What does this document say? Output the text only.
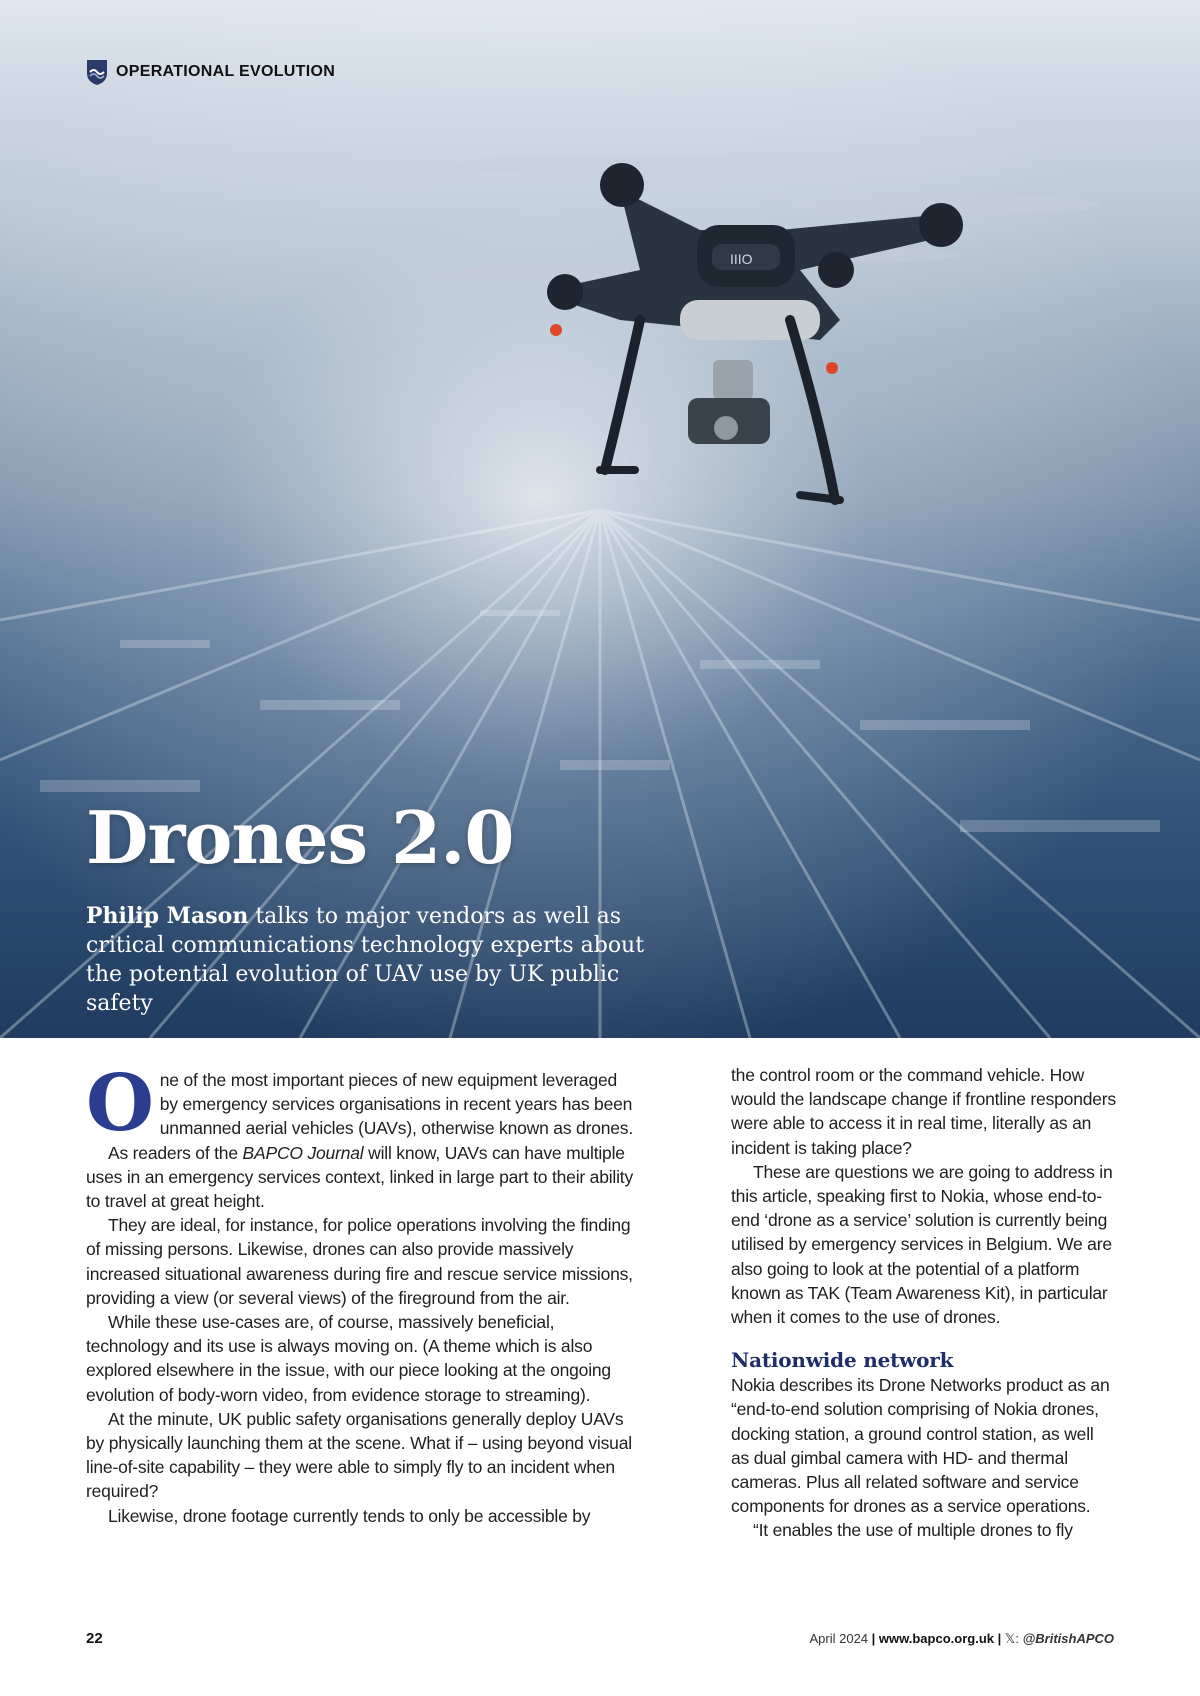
IIIO
OPERATIONAL EVOLUTION
Drones 2.0

Philip Mason talks to major vendors as well as critical communications technology experts about the potential evolution of UAV use by UK public safety

One of the most important pieces of new equipment leveraged by emergency services organisations in recent years has been unmanned aerial vehicles (UAVs), otherwise known as drones.

As readers of the BAPCO Journal will know, UAVs can have multiple uses in an emergency services context, linked in large part to their ability to travel at great height.

They are ideal, for instance, for police operations involving the finding of missing persons. Likewise, drones can also provide massively increased situational awareness during fire and rescue service missions, providing a view (or several views) of the fireground from the air.

While these use-cases are, of course, massively beneficial, technology and its use is always moving on. (A theme which is also explored elsewhere in the issue, with our piece looking at the ongoing evolution of body-worn video, from evidence storage to streaming).

At the minute, UK public safety organisations generally deploy UAVs by physically launching them at the scene. What if – using beyond visual line-of-site capability – they were able to simply fly to an incident when required?

Likewise, drone footage currently tends to only be accessible by

the control room or the command vehicle. How would the landscape change if frontline responders were able to access it in real time, literally as an incident is taking place?

These are questions we are going to address in this article, speaking first to Nokia, whose end-to-end ‘drone as a service’ solution is currently being utilised by emergency services in Belgium. We are also going to look at the potential of a platform known as TAK (Team Awareness Kit), in particular when it comes to the use of drones.

Nationwide network

Nokia describes its Drone Networks product as an “end-to-end solution comprising of Nokia drones, docking station, a ground control station, as well as dual gimbal camera with HD- and thermal cameras. Plus all related software and service components for drones as a service operations.

“It enables the use of multiple drones to fly

22	April 2024 | www.bapco.org.uk | 𝕏: @BritishAPCO
